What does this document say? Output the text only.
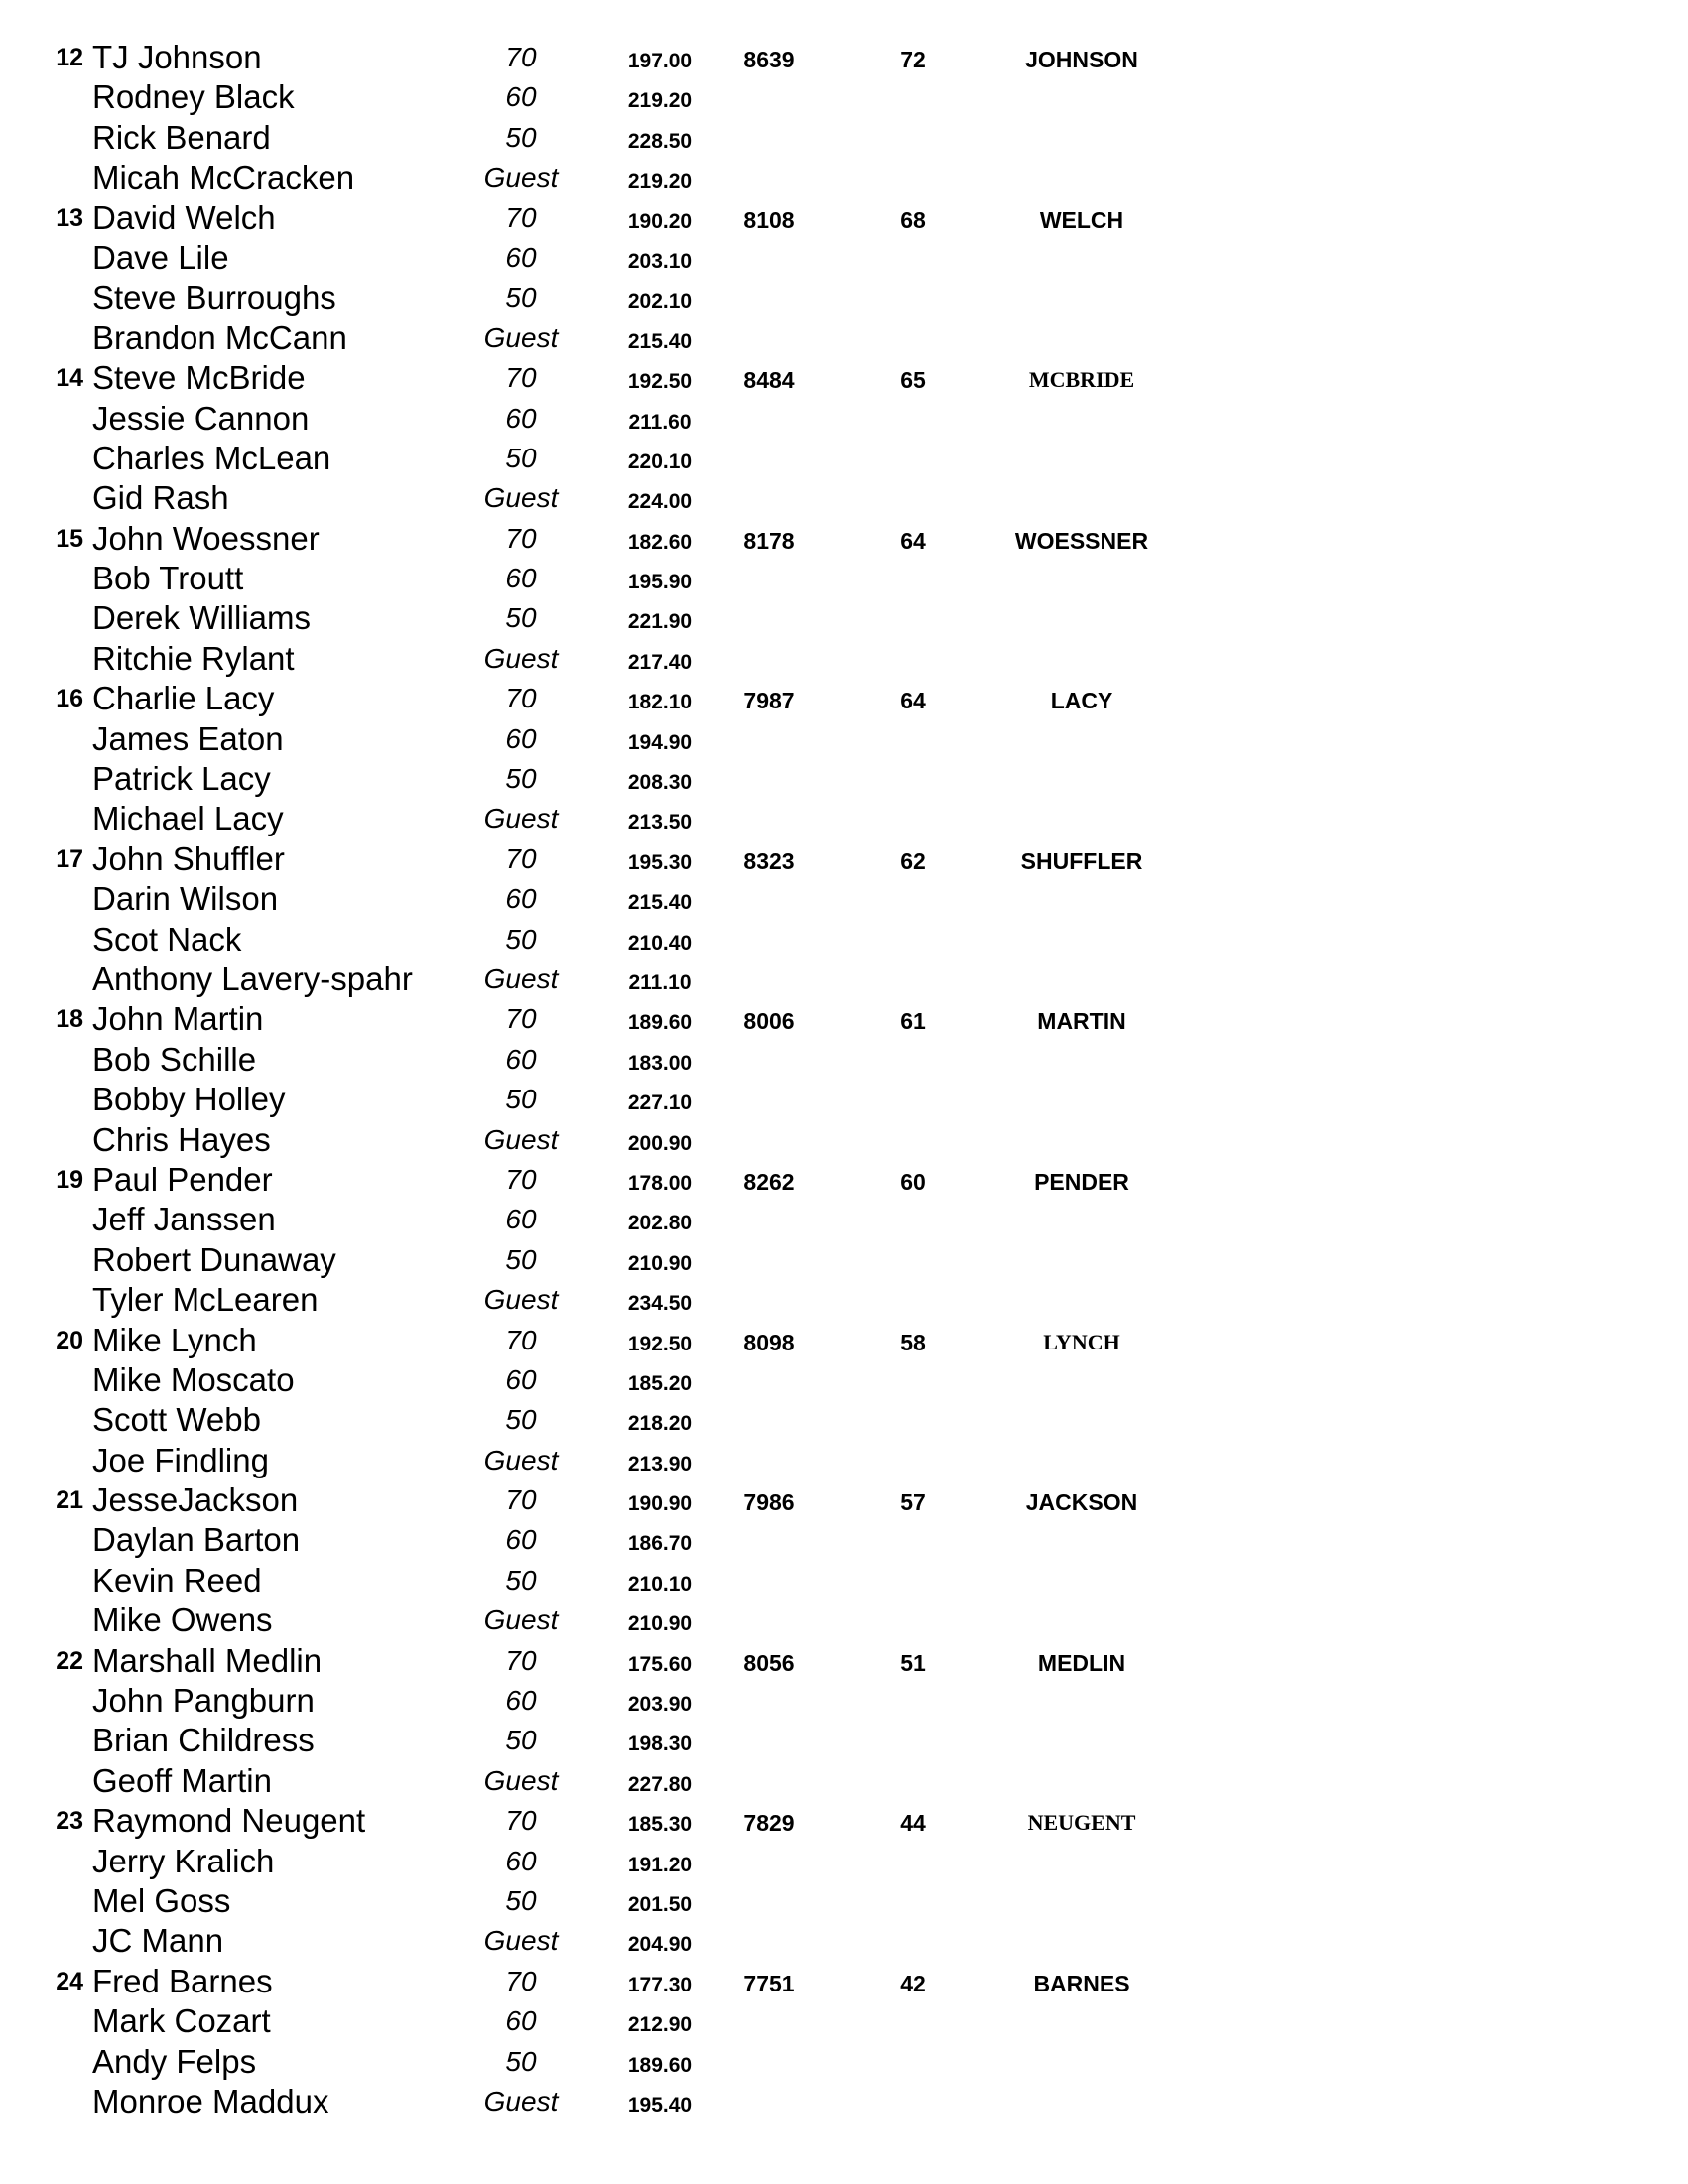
12 TJ Johnson	70	197.00	8639	72	JOHNSON
Rodney Black	60	219.20
Rick Benard	50	228.50
Micah McCracken	Guest	219.20
13 David Welch	70	190.20	8108	68	WELCH
Dave Lile	60	203.10
Steve Burroughs	50	202.10
Brandon McCann	Guest	215.40
14 Steve McBride	70	192.50	8484	65	MCBRIDE
Jessie Cannon	60	211.60
Charles McLean	50	220.10
Gid Rash	Guest	224.00
15 John Woessner	70	182.60	8178	64	WOESSNER
Bob Troutt	60	195.90
Derek Williams	50	221.90
Ritchie Rylant	Guest	217.40
16 Charlie Lacy	70	182.10	7987	64	LACY
James Eaton	60	194.90
Patrick Lacy	50	208.30
Michael Lacy	Guest	213.50
17 John Shuffler	70	195.30	8323	62	SHUFFLER
Darin Wilson	60	215.40
Scot Nack	50	210.40
Anthony Lavery-spahr	Guest	211.10
18 John Martin	70	189.60	8006	61	MARTIN
Bob Schille	60	183.00
Bobby Holley	50	227.10
Chris Hayes	Guest	200.90
19 Paul Pender	70	178.00	8262	60	PENDER
Jeff Janssen	60	202.80
Robert Dunaway	50	210.90
Tyler McLearen	Guest	234.50
20 Mike Lynch	70	192.50	8098	58	LYNCH
Mike Moscato	60	185.20
Scott Webb	50	218.20
Joe Findling	Guest	213.90
21 JesseJackson	70	190.90	7986	57	JACKSON
Daylan Barton	60	186.70
Kevin Reed	50	210.10
Mike Owens	Guest	210.90
22 Marshall Medlin	70	175.60	8056	51	MEDLIN
John Pangburn	60	203.90
Brian Childress	50	198.30
Geoff Martin	Guest	227.80
23 Raymond Neugent	70	185.30	7829	44	NEUGENT
Jerry Kralich	60	191.20
Mel Goss	50	201.50
JC Mann	Guest	204.90
24 Fred Barnes	70	177.30	7751	42	BARNES
Mark Cozart	60	212.90
Andy Felps	50	189.60
Monroe Maddux	Guest	195.40
